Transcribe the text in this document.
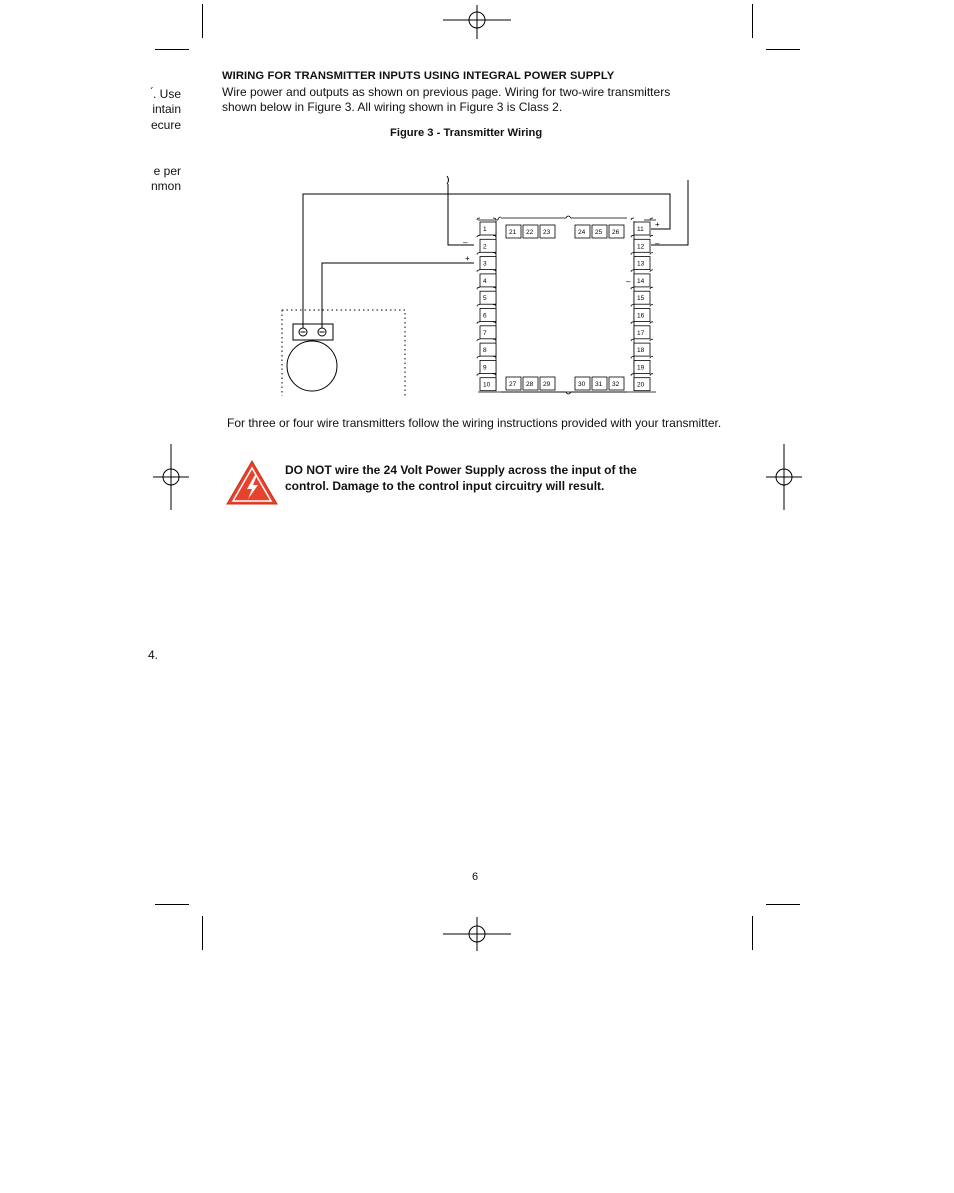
́. Use
intain
ecure
e per
nmon
4.
WIRING FOR TRANSMITTER INPUTS USING INTEGRAL POWER SUPPLY
Wire power and outputs as shown on previous page. Wiring for two-wire transmitters
shown below in Figure 3. All wiring shown in Figure 3 is Class 2.
Figure 3 - Transmitter Wiring
1
2
3
4
5
6
7
8
9
10
11
12
13
14
15
16
17
18
19
20
21 22 23	24 25 26
27 28 29	30 31 32
–
+
+
–
–
For three or four wire transmitters follow the wiring instructions provided with your transmitter.
DO NOT wire the 24 Volt Power Supply across the input of the
control. Damage to the control input circuitry will result.
6
